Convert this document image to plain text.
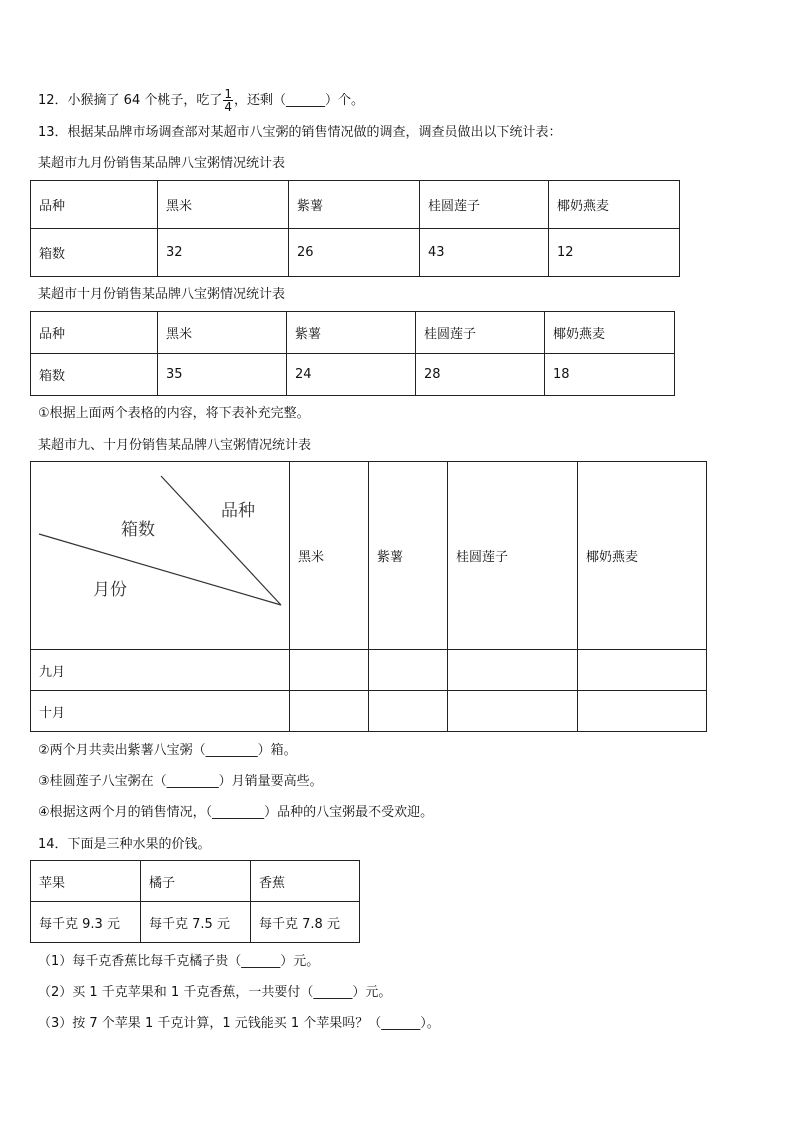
12．小猴摘了 64 个桃子，吃了 $\frac{1}{4}$ ，还剩（______）个。
13．根据某品牌市场调查部对某超市八宝粥的销售情况做的调查，调查员做出以下统计表：
某超市九月份销售某品牌八宝粥情况统计表
品种	黑米	紫薯	桂圆莲子	椰奶燕麦
箱数	32	26	43	12
某超市十月份销售某品牌八宝粥情况统计表
品种	黑米	紫薯	桂圆莲子	椰奶燕麦
箱数	35	24	28	18
①根据上面两个表格的内容，将下表补充完整。
某超市九、十月份销售某品牌八宝粥情况统计表
品种
箱数
月份	黑米	紫薯	桂圆莲子	椰奶燕麦
九月				
十月				
②两个月共卖出紫薯八宝粥（________）箱。
③桂圆莲子八宝粥在（________）月销量要高些。
④根据这两个月的销售情况，（________）品种的八宝粥最不受欢迎。
14．下面是三种水果的价钱。
苹果	橘子	香蕉
每千克 9.3 元	每千克 7.5 元	每千克 7.8 元
（1）每千克香蕉比每千克橘子贵（______）元。
（2）买 1 千克苹果和 1 千克香蕉，一共要付（______）元。
（3）按 7 个苹果 1 千克计算，1 元钱能买 1 个苹果吗？（______）。
